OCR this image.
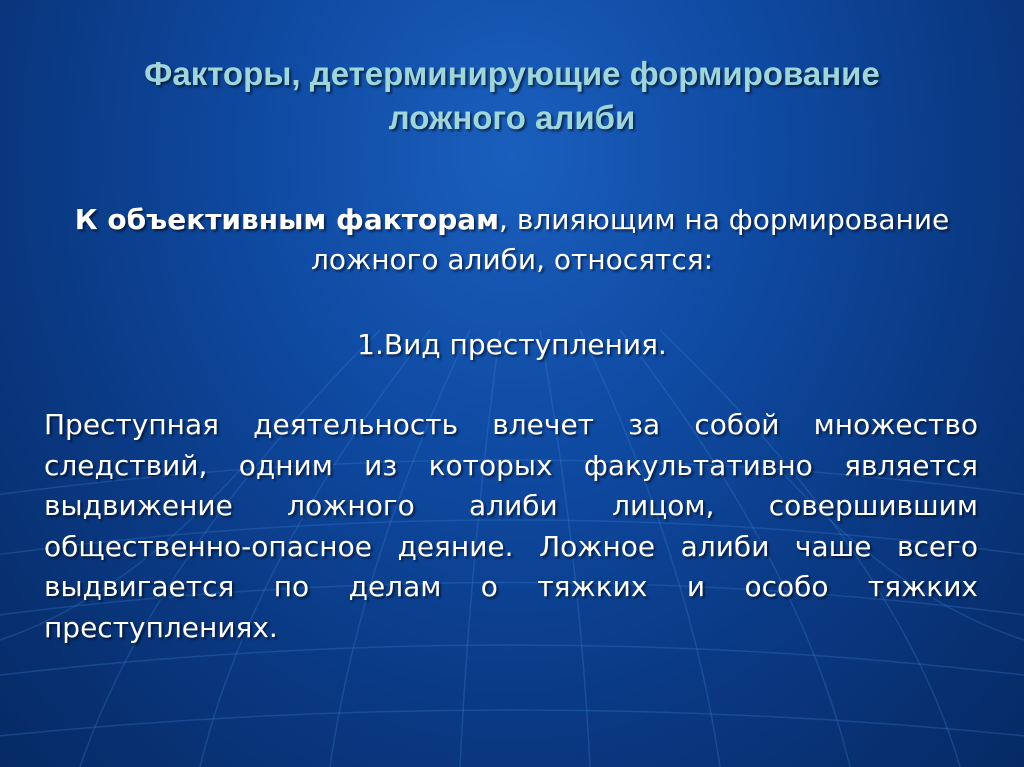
Факторы, детерминирующие формирование
ложного алиби
К объективным факторам, влияющим на формирование ложного алиби, относятся:
1.Вид преступления.
Преступная деятельность влечет за собой множество следствий, одним из которых факультативно является выдвижение ложного алиби лицом, совершившим общественно-опасное деяние. Ложное алиби чаше всего выдвигается по делам о тяжких и особо тяжких преступлениях.
